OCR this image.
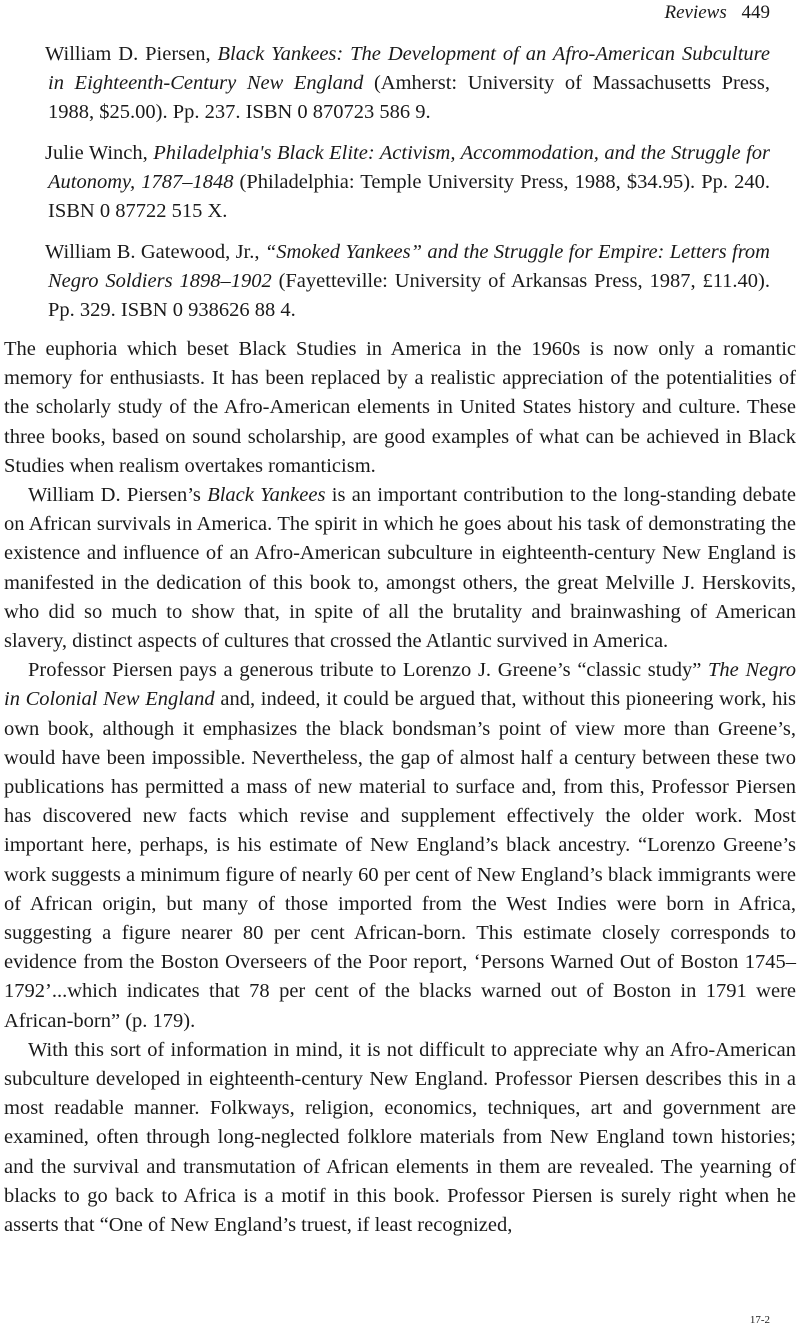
Reviews 449
William D. Piersen, Black Yankees: The Development of an Afro-American Subculture in Eighteenth-Century New England (Amherst: University of Massachusetts Press, 1988, $25.00). Pp. 237. ISBN 0 870723 586 9.
Julie Winch, Philadelphia's Black Elite: Activism, Accommodation, and the Struggle for Autonomy, 1787–1848 (Philadelphia: Temple University Press, 1988, $34.95). Pp. 240. ISBN 0 87722 515 X.
William B. Gatewood, Jr., “Smoked Yankees” and the Struggle for Empire: Letters from Negro Soldiers 1898–1902 (Fayetteville: University of Arkansas Press, 1987, £11.40). Pp. 329. ISBN 0 938626 88 4.

The euphoria which beset Black Studies in America in the 1960s is now only a romantic memory for enthusiasts. It has been replaced by a realistic appreciation of the potentialities of the scholarly study of the Afro-American elements in United States history and culture. These three books, based on sound scholarship, are good examples of what can be achieved in Black Studies when realism overtakes romanticism.

William D. Piersen’s Black Yankees is an important contribution to the long-standing debate on African survivals in America. The spirit in which he goes about his task of demonstrating the existence and influence of an Afro-American subculture in eighteenth-century New England is manifested in the dedication of this book to, amongst others, the great Melville J. Herskovits, who did so much to show that, in spite of all the brutality and brainwashing of American slavery, distinct aspects of cultures that crossed the Atlantic survived in America.

Professor Piersen pays a generous tribute to Lorenzo J. Greene’s “classic study” The Negro in Colonial New England and, indeed, it could be argued that, without this pioneering work, his own book, although it emphasizes the black bondsman’s point of view more than Greene’s, would have been impossible. Nevertheless, the gap of almost half a century between these two publications has permitted a mass of new material to surface and, from this, Professor Piersen has discovered new facts which revise and supplement effectively the older work. Most important here, perhaps, is his estimate of New England’s black ancestry. “Lorenzo Greene’s work suggests a minimum figure of nearly 60 per cent of New England’s black immigrants were of African origin, but many of those imported from the West Indies were born in Africa, suggesting a figure nearer 80 per cent African-born. This estimate closely corresponds to evidence from the Boston Overseers of the Poor report, ‘Persons Warned Out of Boston 1745–1792’...which indicates that 78 per cent of the blacks warned out of Boston in 1791 were African-born” (p. 179).

With this sort of information in mind, it is not difficult to appreciate why an Afro-American subculture developed in eighteenth-century New England. Professor Piersen describes this in a most readable manner. Folkways, religion, economics, techniques, art and government are examined, often through long-neglected folklore materials from New England town histories; and the survival and transmutation of African elements in them are revealed. The yearning of blacks to go back to Africa is a motif in this book. Professor Piersen is surely right when he asserts that “One of New England’s truest, if least recognized,

17-2
